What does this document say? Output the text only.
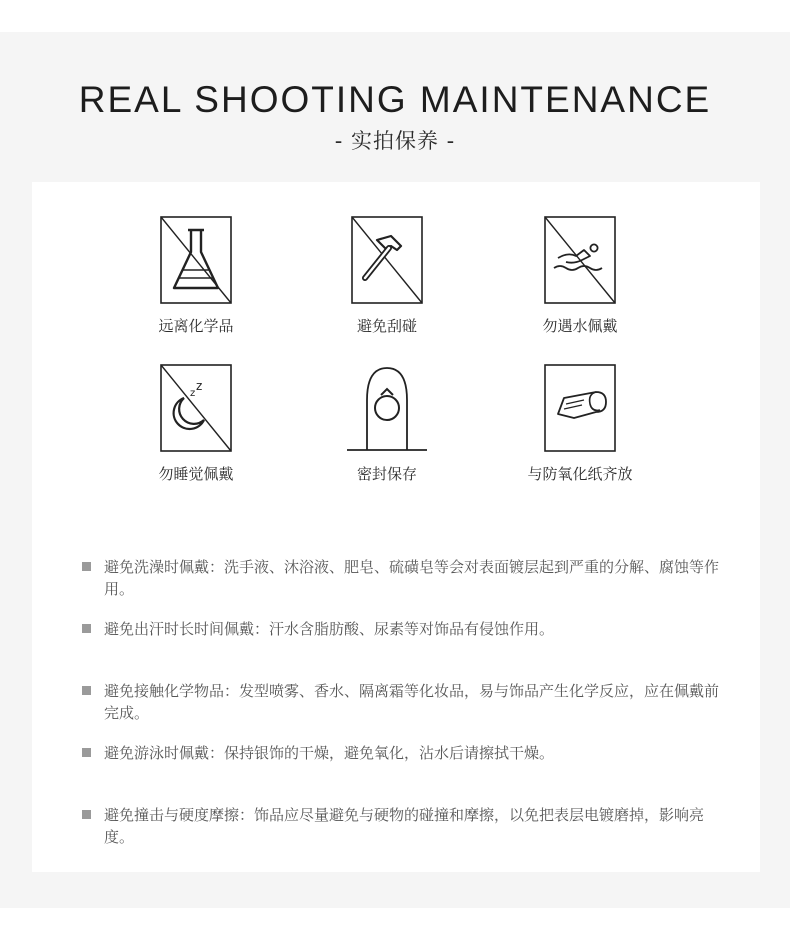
REAL SHOOTING MAINTENANCE
- 实拍保养 -
远离化学品	避免刮碰	勿遇水佩戴
z
z
勿睡觉佩戴	密封保存	与防氧化纸齐放
避免洗澡时佩戴：洗手液、沐浴液、肥皂、硫磺皂等会对表面镀层起到严重的分解、腐蚀等作用。
避免出汗时长时间佩戴：汗水含脂肪酸、尿素等对饰品有侵蚀作用。
避免接触化学物品：发型喷雾、香水、隔离霜等化妆品，易与饰品产生化学反应，应在佩戴前完成。
避免游泳时佩戴：保持银饰的干燥，避免氧化，沾水后请擦拭干燥。
避免撞击与硬度摩擦：饰品应尽量避免与硬物的碰撞和摩擦，以免把表层电镀磨掉，影响亮度。
